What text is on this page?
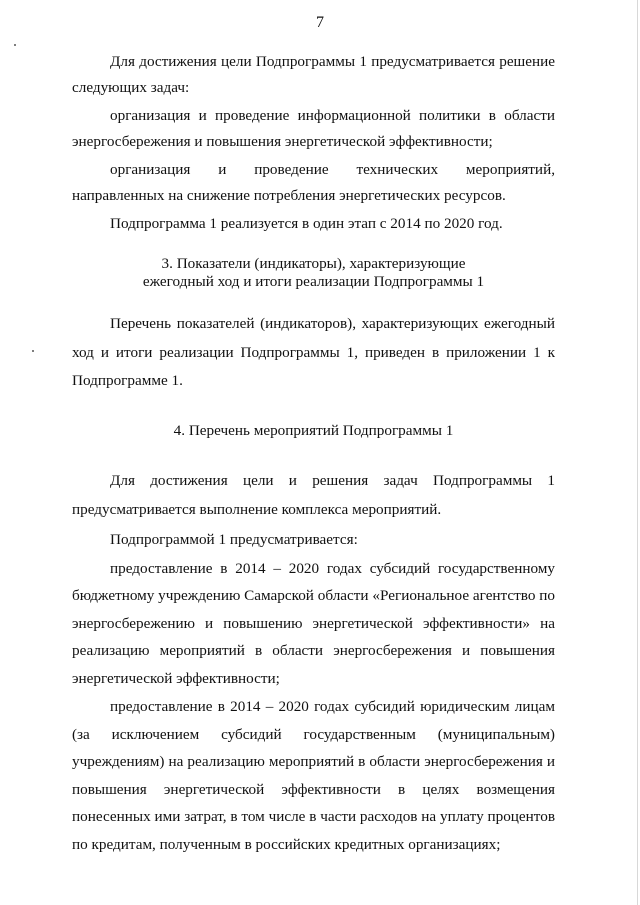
7

Для достижения цели Подпрограммы 1 предусматривается решение следующих задач:

организация и проведение информационной политики в области энергосбережения и повышения энергетической эффективности;

организация и проведение технических мероприятий, направленных на снижение потребления энергетических ресурсов.

Подпрограмма 1 реализуется в один этап с 2014 по 2020 год.

3. Показатели (индикаторы), характеризующие
ежегодный ход и итоги реализации Подпрограммы 1

Перечень показателей (индикаторов), характеризующих ежегодный ход и итоги реализации Подпрограммы 1, приведен в приложении 1 к Подпрограмме 1.

4. Перечень мероприятий Подпрограммы 1

Для достижения цели и решения задач Подпрограммы 1 предусматривается выполнение комплекса мероприятий.

Подпрограммой 1 предусматривается:

предоставление в 2014 – 2020 годах субсидий государственному бюджетному учреждению Самарской области «Региональное агентство по энергосбережению и повышению энергетической эффективности» на реализацию мероприятий в области энергосбережения и повышения энергетической эффективности;

предоставление в 2014 – 2020 годах субсидий юридическим лицам (за исключением субсидий государственным (муниципальным) учреждениям) на реализацию мероприятий в области энергосбережения и повышения энергетической эффективности в целях возмещения понесенных ими затрат, в том числе в части расходов на уплату процентов по кредитам, полученным в российских кредитных организациях;
